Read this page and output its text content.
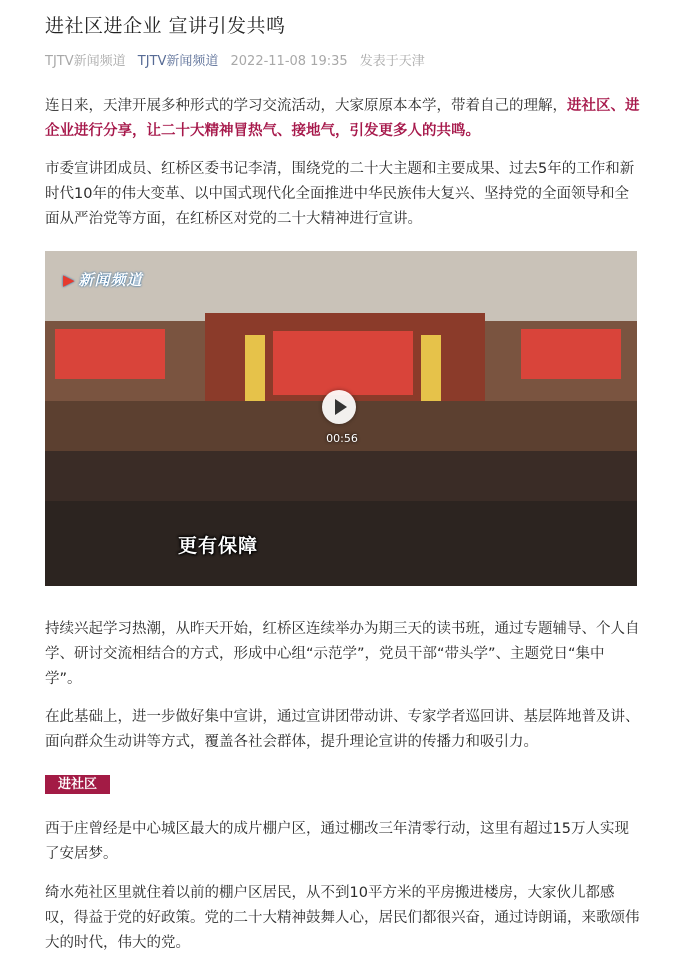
进社区进企业 宣讲引发共鸣
TJTV新闻频道 TJTV新闻频道 2022-11-08 19:35 发表于天津

连日来，天津开展多种形式的学习交流活动，大家原原本本学，带着自己的理解，进社区、进企业进行分享，让二十大精神冒热气、接地气，引发更多人的共鸣。

市委宣讲团成员、红桥区委书记李清，围绕党的二十大主题和主要成果、过去5年的工作和新时代10年的伟大变革、以中国式现代化全面推进中华民族伟大复兴、坚持党的全面领导和全面从严治党等方面，在红桥区对党的二十大精神进行宣讲。

▶ 新闻频道
00:56
更有保障

持续兴起学习热潮，从昨天开始，红桥区连续举办为期三天的读书班，通过专题辅导、个人自学、研讨交流相结合的方式，形成中心组“示范学”，党员干部“带头学”、主题党日“集中学”。

在此基础上，进一步做好集中宣讲，通过宣讲团带动讲、专家学者巡回讲、基层阵地普及讲、面向群众生动讲等方式，覆盖各社会群体，提升理论宣讲的传播力和吸引力。

进社区

西于庄曾经是中心城区最大的成片棚户区，通过棚改三年清零行动，这里有超过15万人实现了安居梦。

绮水苑社区里就住着以前的棚户区居民，从不到10平方米的平房搬进楼房，大家伙儿都感叹，得益于党的好政策。党的二十大精神鼓舞人心，居民们都很兴奋，通过诗朗诵，来歌颂伟大的时代，伟大的党。
